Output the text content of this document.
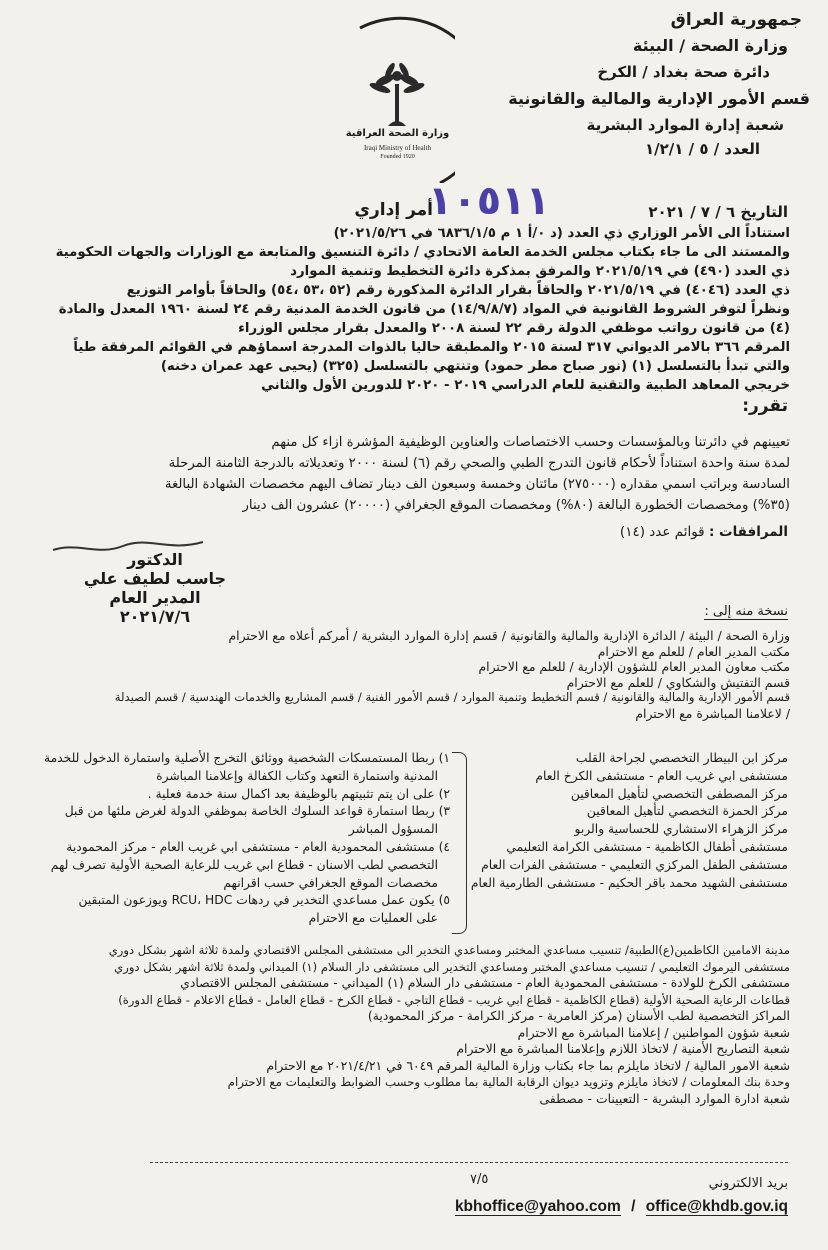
جمهورية العراق
وزارة الصحة / البيئة
دائرة صحة بغداد / الكرخ
قسم الأمور الإدارية والمالية والقانونية
شعبة إدارة الموارد البشرية
العدد / ٥ / ١/٢/١
وزارة الصحة العراقية
Iraqi Ministry of Health
Founded 1920
١٠٥١١	التاريخ ٦ / ٧ / ٢٠٢١
أمر إداري
استناداً الى الأمر الوزاري ذي العدد (د ٠/أ ١ م ٦٨٣٦/١/٥ في ٢٠٢١/٥/٢٦)
والمستند الى ما جاء بكتاب مجلس الخدمة العامة الاتحادي / دائرة التنسيق والمتابعة مع الوزارات والجهات الحكومية
ذي العدد (٤٩٠) في ٢٠٢١/٥/١٩ والمرفق بمذكرة دائرة التخطيط وتنمية الموارد
ذي العدد (٤٠٤٦) في ٢٠٢١/٥/١٩ والحاقاً بقرار الدائرة المذكورة رقم (٥٢ ،٥٣ ،٥٤) والحاقاً بأوامر التوزيع
ونظراً لتوفر الشروط القانونية في المواد (١٤/٩/٨/٧) من قانون الخدمة المدنية رقم ٢٤ لسنة ١٩٦٠ المعدل والمادة
(٤) من قانون رواتب موظفي الدولة رقم ٢٢ لسنة ٢٠٠٨ والمعدل بقرار مجلس الوزراء
المرقم ٣٦٦ بالامر الديواني ٣١٧ لسنة ٢٠١٥ والمطبقة حاليا بالذوات المدرجة اسماؤهم في القوائم المرفقة طياً
والتي تبدأ بالتسلسل (١) (نور صباح مطر حمود) وتنتهي بالتسلسل (٣٢٥) (يحيى عهد عمران دخنه)
خريجي المعاهد الطبية والتقنية للعام الدراسي ٢٠١٩ - ٢٠٢٠ للدورين الأول والثاني
تقرر:
تعيينهم في دائرتنا وبالمؤسسات وحسب الاختصاصات والعناوين الوظيفية المؤشرة ازاء كل منهم
لمدة سنة واحدة استناداً لأحكام قانون التدرج الطبي والصحي رقم (٦) لسنة ٢٠٠٠ وتعديلاته بالدرجة الثامنة المرحلة
السادسة وبراتب اسمي مقداره (٢٧٥٠٠٠) مائتان وخمسة وسبعون الف دينار تضاف اليهم مخصصات الشهادة البالغة
(٣٥%) ومخصصات الخطورة البالغة (٨٠%) ومخصصات الموقع الجغرافي (٢٠٠٠٠) عشرون الف دينار
المرافقات : قوائم عدد (١٤)
الدكتور
جاسب لطيف علي
المدير العام
٢٠٢١/٧/٦	نسخة منه إلى :
وزارة الصحة / البيئة / الدائرة الإدارية والمالية والقانونية / قسم إدارة الموارد البشرية / أمركم أعلاه مع الاحترام
مكتب المدير العام / للعلم مع الاحترام
مكتب معاون المدير العام للشؤون الإدارية / للعلم مع الاحترام
قسم التفتيش والشكاوي / للعلم مع الاحترام
قسم الأمور الإدارية والمالية والقانونية / قسم التخطيط وتنمية الموارد / قسم الأمور الفنية / قسم المشاريع والخدمات الهندسية / قسم الصيدلة
/ لاعلامنا المباشرة مع الاحترام
مركز ابن البيطار التخصصي لجراحة القلب
مستشفى ابي غريب العام - مستشفى الكرخ العام
مركز المصطفى التخصصي لتأهيل المعاقين
مركز الحمزة التخصصي لتأهيل المعاقين
مركز الزهراء الاستشاري للحساسية والربو
مستشفى أطفال الكاظمية - مستشفى الكرامة التعليمي
مستشفى الطفل المركزي التعليمي - مستشفى الفرات العام
مستشفى الشهيد محمد باقر الحكيم - مستشفى الطارمية العام
١) ربطا المستمسكات الشخصية ووثائق التخرج الأصلية واستمارة الدخول للخدمة
المدنية واستمارة التعهد وكتاب الكفالة وإعلامنا المباشرة
٢) على ان يتم تثبيتهم بالوظيفة بعد اكمال سنة خدمة فعلية .
٣) ربطا استمارة قواعد السلوك الخاصة بموظفي الدولة لغرض ملئها من قبل
المسؤول المباشر
٤) مستشفى المحمودية العام - مستشفى ابي غريب العام - مركز المحمودية
التخصصي لطب الاسنان - قطاع ابي غريب للرعاية الصحية الأولية تصرف لهم
مخصصات الموقع الجغرافي حسب اقرانهم
٥) يكون عمل مساعدي التخدير في ردهات RCU، HDC ويوزعون المتبقين
على العمليات مع الاحترام
مدينة الامامين الكاظمين(ع)الطبية/ تنسيب مساعدي المختبر ومساعدي التخدير الى مستشفى المجلس الاقتصادي ولمدة ثلاثة اشهر بشكل دوري
مستشفى اليرموك التعليمي / تنسيب مساعدي المختبر ومساعدي التخدير الى مستشفى دار السلام (١) الميداني ولمدة ثلاثة اشهر بشكل دوري
مستشفى الكرخ للولادة - مستشفى المحمودية العام - مستشفى دار السلام (١) الميداني - مستشفى المجلس الاقتصادي
قطاعات الرعاية الصحية الأولية (قطاع الكاظمية - قطاع ابي غريب - قطاع التاجي - قطاع الكرخ - قطاع العامل - قطاع الاعلام - قطاع الدورة)
المراكز التخصصية لطب الأسنان (مركز العامرية - مركز الكرامة - مركز المحمودية)
شعبة شؤون المواطنين / إعلامنا المباشرة مع الاحترام
شعبة التصاريح الأمنية / لاتخاذ اللازم وإعلامنا المباشرة مع الاحترام
شعبة الامور المالية / لاتخاذ مايلزم بما جاء بكتاب وزارة المالية المرقم ٦٠٤٩ في ٢٠٢١/٤/٢١ مع الاحترام
وحدة بنك المعلومات / لاتخاذ مايلزم وتزويد ديوان الرقابة المالية بما مطلوب وحسب الضوابط والتعليمات مع الاحترام
شعبة ادارة الموارد البشرية - التعيينات - مصطفى
بريد الالكتروني
٧/٥
kbhoffice@yahoo.com / office@khdb.gov.iq
